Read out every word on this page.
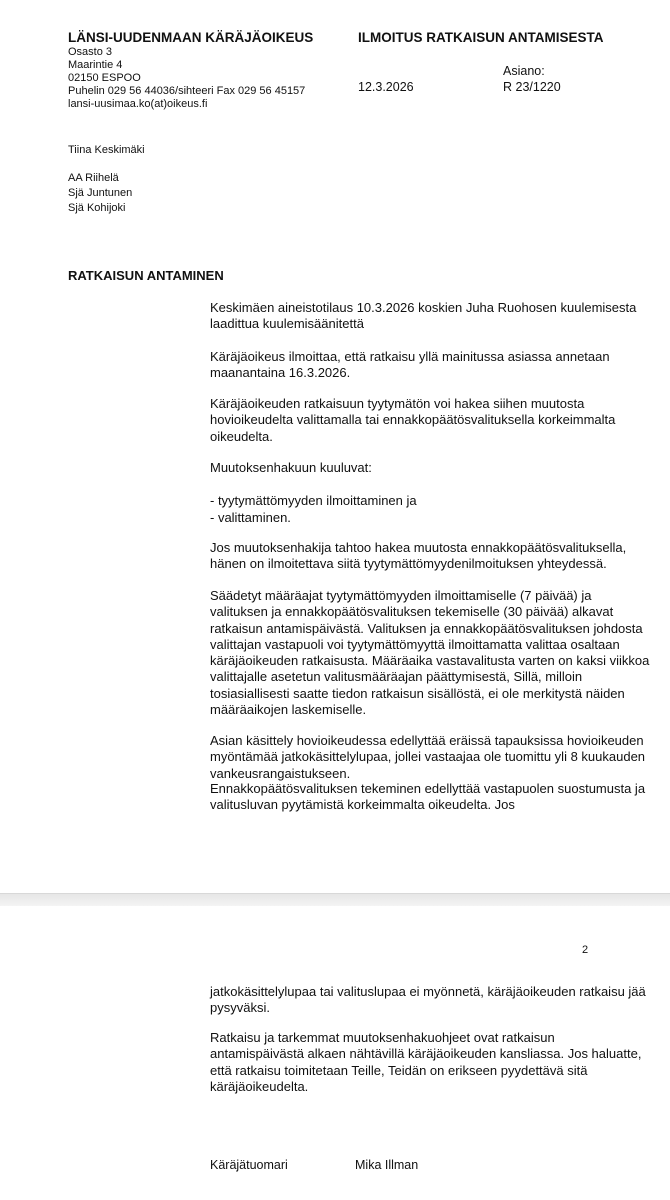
LÄNSI-UUDENMAAN KÄRÄJÄOIKEUS
Osasto 3
Maarintie 4
02150 ESPOO
Puhelin 029 56 44036/sihteeri Fax 029 56 45157
lansi-uusimaa.ko(at)oikeus.fi
ILMOITUS RATKAISUN ANTAMISESTA
Asiano:
12.3.2026	R 23/1220
Tiina Keskimäki
AA Riihelä
Sjä Juntunen
Sjä Kohijoki
RATKAISUN ANTAMINEN

Keskimäen aineistotilaus 10.3.2026 koskien Juha Ruohosen kuulemisesta laadittua kuulemisäänitettä

Käräjäoikeus ilmoittaa, että ratkaisu yllä mainitussa asiassa annetaan maanantaina 16.3.2026.

Käräjäoikeuden ratkaisuun tyytymätön voi hakea siihen muutosta hovioikeudelta valittamalla tai ennakkopäätösvalituksella korkeimmalta oikeudelta.

Muutoksenhakuun kuuluvat:

- tyytymättömyyden ilmoittaminen ja

- valittaminen.

Jos muutoksenhakija tahtoo hakea muutosta ennakkopäätösvalituksella, hänen on ilmoitettava siitä tyytymättömyydenilmoituksen yhteydessä.

Säädetyt määräajat tyytymättömyyden ilmoittamiselle (7 päivää) ja valituksen ja ennakkopäätösvalituksen tekemiselle (30 päivää) alkavat ratkaisun antamispäivästä. Valituksen ja ennakkopäätösvalituksen johdosta valittajan vastapuoli voi tyytymättömyyttä ilmoittamatta valittaa osaltaan käräjäoikeuden ratkaisusta. Määräaika vastavalitusta varten on kaksi viikkoa valittajalle asetetun valitusmääräajan päättymisestä, Sillä, milloin tosiasiallisesti saatte tiedon ratkaisun sisällöstä, ei ole merkitystä näiden määräaikojen laskemiselle.

Asian käsittely hovioikeudessa edellyttää eräissä tapauksissa hovioikeuden myöntämää jatkokäsittelylupaa, jollei vastaajaa ole tuomittu yli 8 kuukauden vankeusrangaistukseen.

Ennakkopäätösvalituksen tekeminen edellyttää vastapuolen suostumusta ja valitusluvan pyytämistä korkeimmalta oikeudelta. Jos

2

jatkokäsittelylupaa tai valituslupaa ei myönnetä, käräjäoikeuden ratkaisu jää pysyväksi.

Ratkaisu ja tarkemmat muutoksenhakuohjeet ovat ratkaisun antamispäivästä alkaen nähtävillä käräjäoikeuden kansliassa. Jos haluatte, että ratkaisu toimitetaan Teille, Teidän on erikseen pyydettävä sitä käräjäoikeudelta.

Käräjätuomari	Mika Illman
